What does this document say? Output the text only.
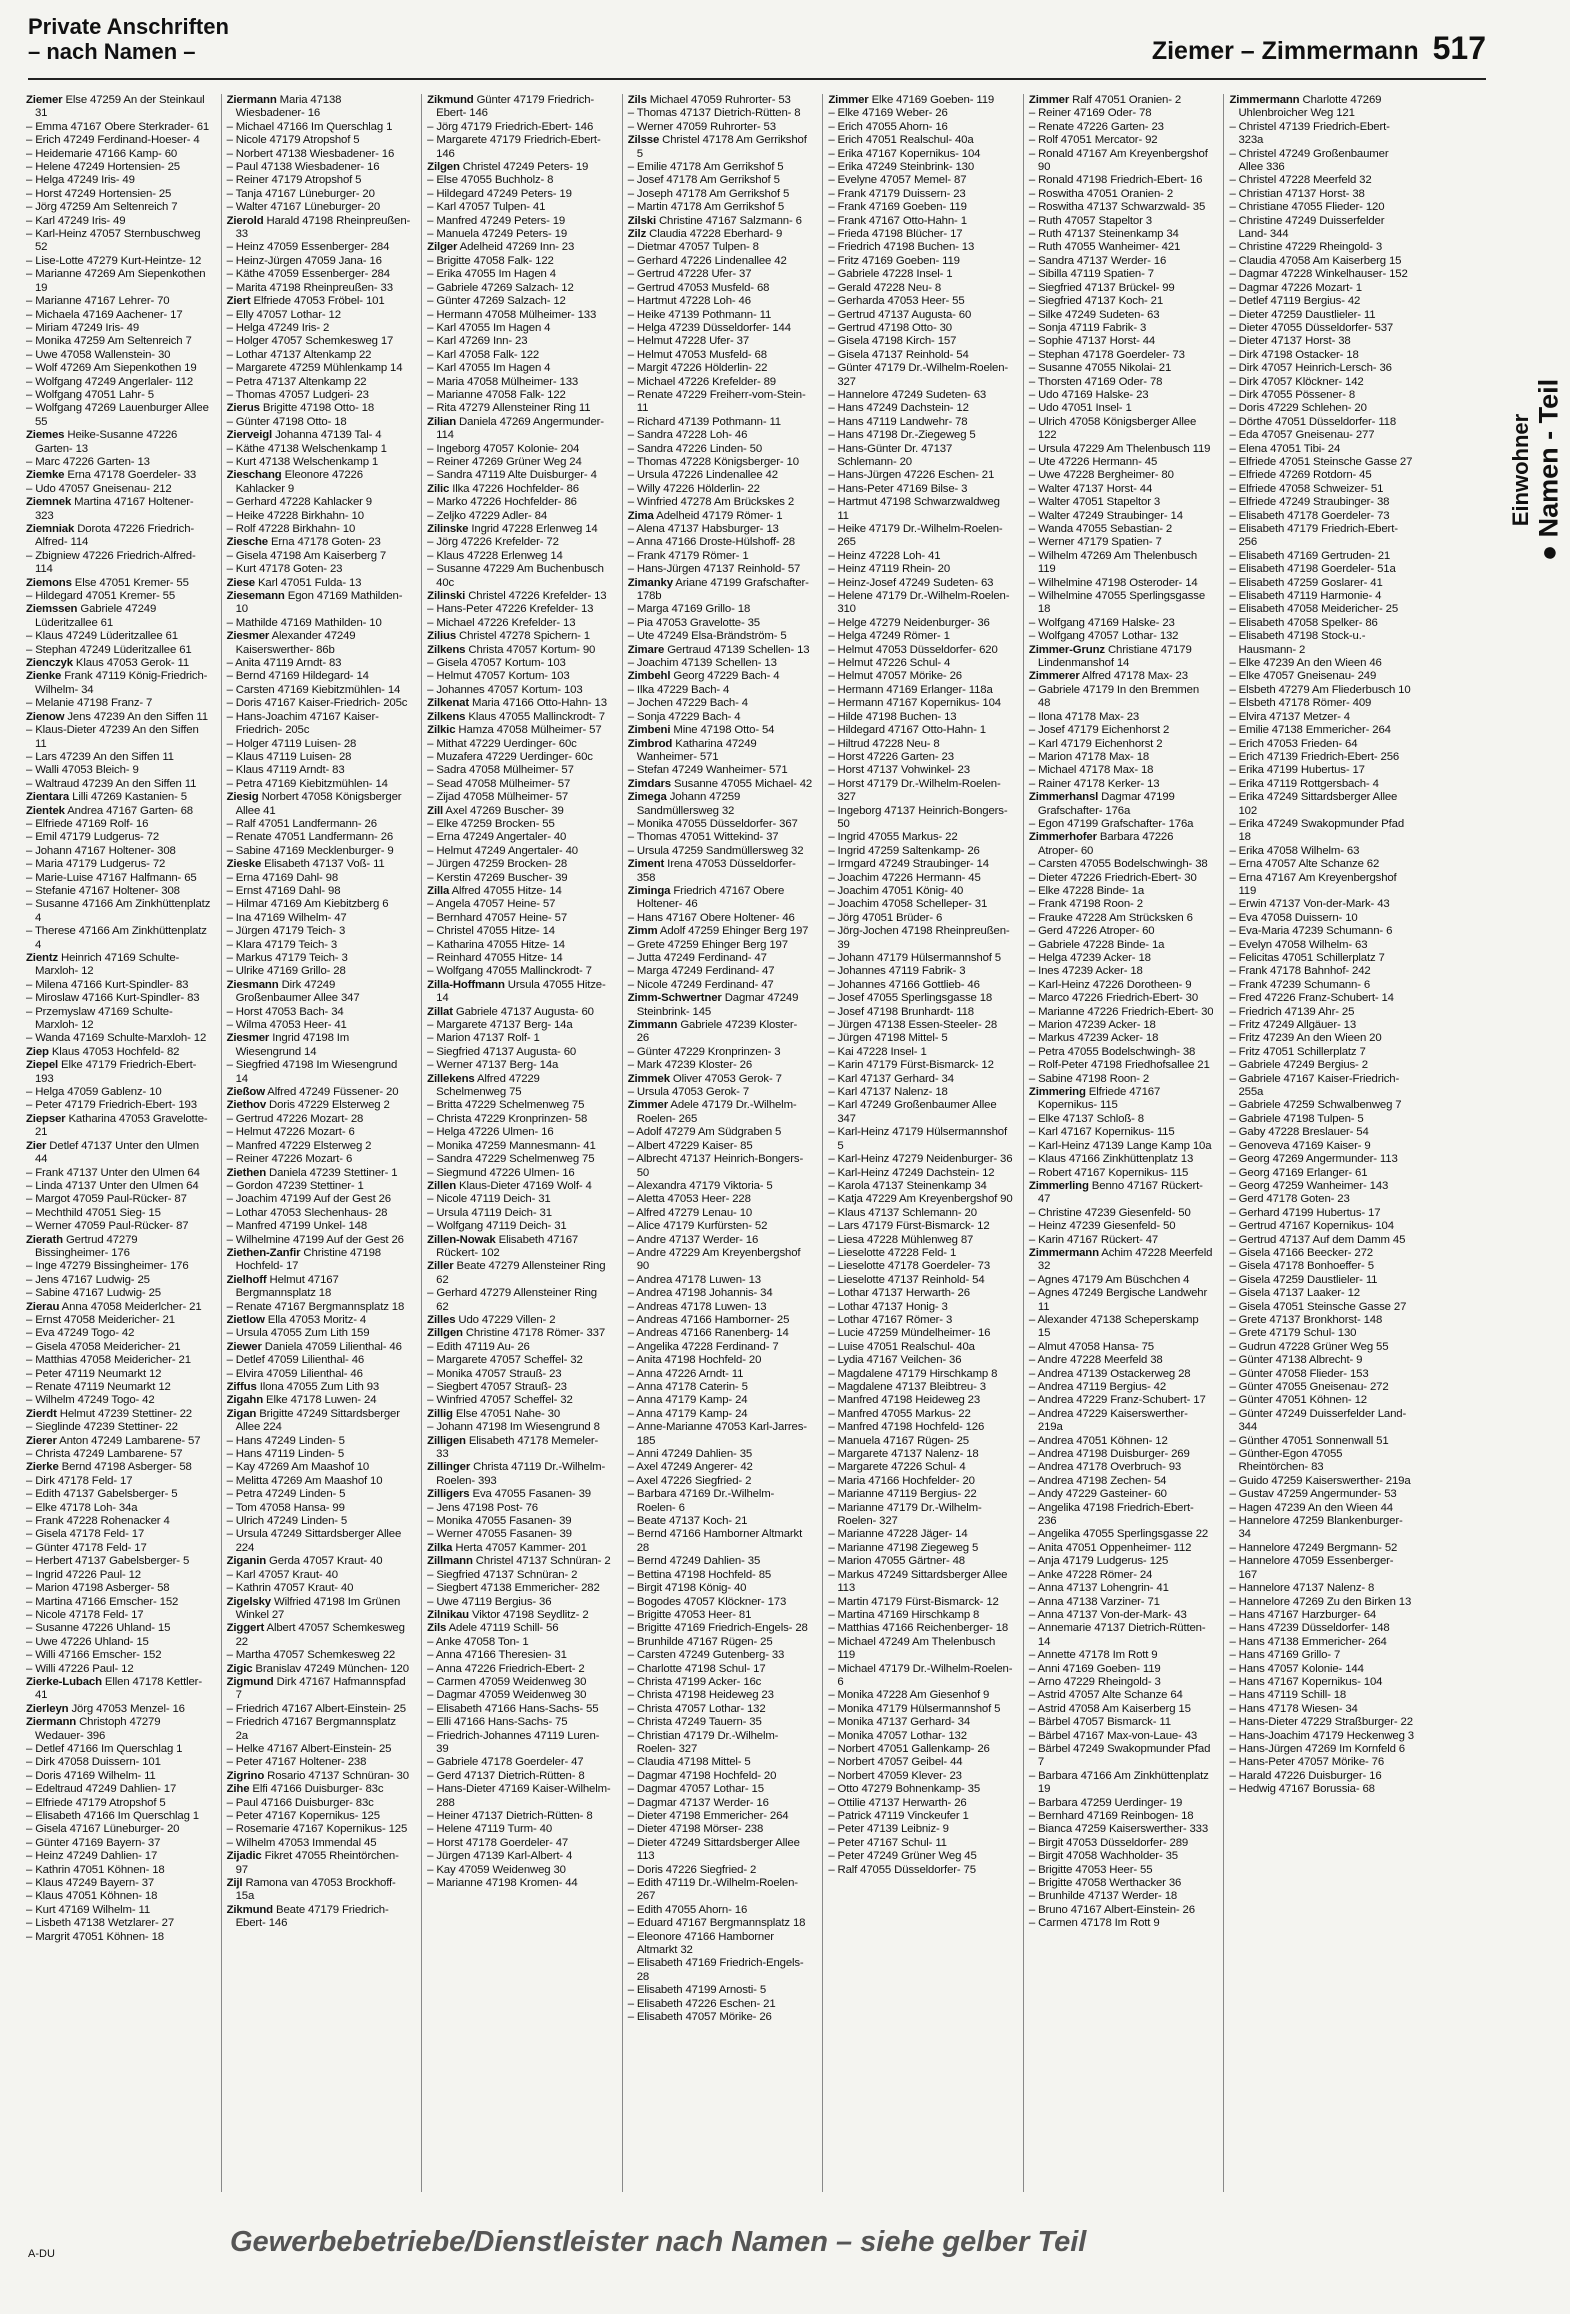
Private Anschriften
– nach Namen –	Ziemer – Zimmermann 517
Einwohner ● Namen - Teil
Ziemer Else 47259 An der Steinkaul 31
– Emma 47167 Obere Sterkrader- 61
– Erich 47249 Ferdinand-Hoeser- 4
– Heidemarie 47166 Kamp- 60
– Helene 47249 Hortensien- 25
– Helga 47249 Iris- 49
– Horst 47249 Hortensien- 25
– Jörg 47259 Am Seltenreich 7
– Karl 47249 Iris- 49
– Karl-Heinz 47057 Sternbuschweg 52
– Lise-Lotte 47279 Kurt-Heintze- 12
– Marianne 47269 Am Siepenkothen 19
– Marianne 47167 Lehrer- 70
– Michaela 47169 Aachener- 17
– Miriam 47249 Iris- 49
– Monika 47259 Am Seltenreich 7
– Uwe 47058 Wallenstein- 30
– Wolf 47269 Am Siepenkothen 19
– Wolfgang 47249 Angerlaler- 112
– Wolfgang 47051 Lahr- 5
– Wolfgang 47269 Lauenburger Allee 55
Ziemes Heike-Susanne 47226 Garten- 13
– Marc 47226 Garten- 13
Ziemke Erna 47178 Goerdeler- 33
– Udo 47057 Gneisenau- 212
Ziemnek Martina 47167 Holtener- 323
Ziemniak Dorota 47226 Friedrich-Alfred- 114
– Zbigniew 47226 Friedrich-Alfred- 114
Ziemons Else 47051 Kremer- 55
– Hildegard 47051 Kremer- 55
Ziemssen Gabriele 47249 Lüderitzallee 61
– Klaus 47249 Lüderitzallee 61
– Stephan 47249 Lüderitzallee 61
Zienczyk Klaus 47053 Gerok- 11
Zienke Frank 47119 König-Friedrich-Wilhelm- 34
– Melanie 47198 Franz- 7
Zienow Jens 47239 An den Siffen 11
– Klaus-Dieter 47239 An den Siffen 11
– Lars 47239 An den Siffen 11
– Walli 47053 Bleich- 9
– Waltraud 47239 An den Siffen 11
Zientara Lilli 47269 Kastanien- 5
Zientek Andrea 47167 Garten- 68
– Elfriede 47169 Rolf- 16
– Emil 47179 Ludgerus- 72
– Johann 47167 Holtener- 308
– Maria 47179 Ludgerus- 72
– Marie-Luise 47167 Halfmann- 65
– Stefanie 47167 Holtener- 308
– Susanne 47166 Am Zinkhüttenplatz 4
– Therese 47166 Am Zinkhüttenplatz 4
Zientz Heinrich 47169 Schulte-Marxloh- 12
– Milena 47166 Kurt-Spindler- 83
– Miroslaw 47166 Kurt-Spindler- 83
– Przemyslaw 47169 Schulte-Marxloh- 12
– Wanda 47169 Schulte-Marxloh- 12
Ziep Klaus 47053 Hochfeld- 82
Ziepel Elke 47179 Friedrich-Ebert- 193
– Helga 47059 Gablenz- 10
– Peter 47179 Friedrich-Ebert- 193
Ziepser Katharina 47053 Gravelotte- 21
Zier Detlef 47137 Unter den Ulmen 44
– Frank 47137 Unter den Ulmen 64
– Linda 47137 Unter den Ulmen 64
– Margot 47059 Paul-Rücker- 87
– Mechthild 47051 Sieg- 15
– Werner 47059 Paul-Rücker- 87
Zierath Gertrud 47279 Bissingheimer- 176
– Inge 47279 Bissingheimer- 176
– Jens 47167 Ludwig- 25
– Sabine 47167 Ludwig- 25
Zierau Anna 47058 Meiderlcher- 21
– Ernst 47058 Meidericher- 21
– Eva 47249 Togo- 42
– Gisela 47058 Meidericher- 21
– Matthias 47058 Meidericher- 21
– Peter 47119 Neumarkt 12
– Renate 47119 Neumarkt 12
– Wilhelm 47249 Togo- 42
Zierdt Helmut 47239 Stettiner- 22
– Sieglinde 47239 Stettiner- 22
Zierer Anton 47249 Lambarene- 57
– Christa 47249 Lambarene- 57
Zierke Bernd 47198 Asberger- 58
– Dirk 47178 Feld- 17
– Edith 47137 Gabelsberger- 5
– Elke 47178 Loh- 34a
– Frank 47228 Rohenacker 4
– Gisela 47178 Feld- 17
– Günter 47178 Feld- 17
– Herbert 47137 Gabelsberger- 5
– Ingrid 47226 Paul- 12
– Marion 47198 Asberger- 58
– Martina 47166 Emscher- 152
– Nicole 47178 Feld- 17
– Susanne 47226 Uhland- 15
– Uwe 47226 Uhland- 15
– Willi 47166 Emscher- 152
– Willi 47226 Paul- 12
Zierke-Lubach Ellen 47178 Kettler- 41
Zierleyn Jörg 47053 Menzel- 16
Ziermann Christoph 47279 Wedauer- 396
– Detlef 47166 Im Querschlag 1
– Dirk 47058 Duissern- 101
– Doris 47169 Wilhelm- 11
– Edeltraud 47249 Dahlien- 17
– Elfriede 47179 Atropshof 5
– Elisabeth 47166 Im Querschlag 1
– Gisela 47167 Lüneburger- 20
– Günter 47169 Bayern- 37
– Heinz 47249 Dahlien- 17
– Kathrin 47051 Köhnen- 18
– Klaus 47249 Bayern- 37
– Klaus 47051 Köhnen- 18
– Kurt 47169 Wilhelm- 11
– Lisbeth 47138 Wetzlarer- 27
– Margrit 47051 Köhnen- 18
Ziermann Maria 47138 Wiesbadener- 16
– Michael 47166 Im Querschlag 1
– Nicole 47179 Atropshof 5
– Norbert 47138 Wiesbadener- 16
– Paul 47138 Wiesbadener- 16
– Reiner 47179 Atropshof 5
– Tanja 47167 Lüneburger- 20
– Walter 47167 Lüneburger- 20
Zierold Harald 47198 Rheinpreußen- 33
– Heinz 47059 Essenberger- 284
– Heinz-Jürgen 47059 Jana- 16
– Käthe 47059 Essenberger- 284
– Marita 47198 Rheinpreußen- 33
Ziert Elfriede 47053 Fröbel- 101
– Elly 47057 Lothar- 12
– Helga 47249 Iris- 2
– Holger 47057 Schemkesweg 17
– Lothar 47137 Altenkamp 22
– Margarete 47259 Mühlenkamp 14
– Petra 47137 Altenkamp 22
– Thomas 47057 Ludgeri- 23
Zierus Brigitte 47198 Otto- 18
– Günter 47198 Otto- 18
Zierveigl Johanna 47139 Tal- 4
– Käthe 47138 Welschenkamp 1
– Kurt 47138 Welschenkamp 1
Zieschang Eleonore 47226 Kahlacker 9
– Gerhard 47228 Kahlacker 9
– Heike 47228 Birkhahn- 10
– Rolf 47228 Birkhahn- 10
Ziesche Erna 47178 Goten- 23
– Gisela 47198 Am Kaiserberg 7
– Kurt 47178 Goten- 23
Ziese Karl 47051 Fulda- 13
Ziesemann Egon 47169 Mathilden- 10
– Mathilde 47169 Mathilden- 10
Ziesmer Alexander 47249 Kaiserswerther- 86b
– Anita 47119 Arndt- 83
– Bernd 47169 Hildegard- 14
– Carsten 47169 Kiebitzmühlen- 14
– Doris 47167 Kaiser-Friedrich- 205c
– Hans-Joachim 47167 Kaiser-Friedrich- 205c
– Holger 47119 Luisen- 28
– Klaus 47119 Luisen- 28
– Klaus 47119 Arndt- 83
– Petra 47169 Kiebitzmühlen- 14
Ziesig Norbert 47058 Königsberger Allee 41
– Ralf 47051 Landfermann- 26
– Renate 47051 Landfermann- 26
– Sabine 47169 Mecklenburger- 9
Zieske Elisabeth 47137 Voß- 11
– Erna 47169 Dahl- 98
– Ernst 47169 Dahl- 98
– Hilmar 47169 Am Kiebitzberg 6
– Ina 47169 Wilhelm- 47
– Jürgen 47179 Teich- 3
– Klara 47179 Teich- 3
– Markus 47179 Teich- 3
– Ulrike 47169 Grillo- 28
Ziesmann Dirk 47249 Großenbaumer Allee 347
– Horst 47053 Bach- 34
– Wilma 47053 Heer- 41
Ziesmer Ingrid 47198 Im Wiesengrund 14
– Siegfried 47198 Im Wiesengrund 14
Zießow Alfred 47249 Füssener- 20
Ziethov Doris 47229 Elsterweg 2
– Gertrud 47226 Mozart- 28
– Helmut 47226 Mozart- 6
– Manfred 47229 Elsterweg 2
– Reiner 47226 Mozart- 6
Ziethen Daniela 47239 Stettiner- 1
– Gordon 47239 Stettiner- 1
– Joachim 47199 Auf der Gest 26
– Lothar 47053 Slechenhaus- 28
– Manfred 47199 Unkel- 148
– Wilhelmine 47199 Auf der Gest 26
Ziethen-Zanfir Christine 47198 Hochfeld- 17
Zielhoff Helmut 47167 Bergmannsplatz 18
– Renate 47167 Bergmannsplatz 18
Zietlow Ella 47053 Moritz- 4
– Ursula 47055 Zum Lith 159
Ziewer Daniela 47059 Lilienthal- 46
– Detlef 47059 Lilienthal- 46
– Elvira 47059 Lilienthal- 46
Ziffus Ilona 47055 Zum Lith 93
Zigahn Elke 47178 Luwen- 24
Zigan Brigitte 47249 Sittardsberger Allee 224
– Hans 47249 Linden- 5
– Hans 47119 Linden- 5
– Kay 47269 Am Maashof 10
– Melitta 47269 Am Maashof 10
– Petra 47249 Linden- 5
– Tom 47058 Hansa- 99
– Ulrich 47249 Linden- 5
– Ursula 47249 Sittardsberger Allee 224
Ziganin Gerda 47057 Kraut- 40
– Karl 47057 Kraut- 40
– Kathrin 47057 Kraut- 40
Zigelsky Wilfried 47198 Im Grünen Winkel 27
Ziggert Albert 47057 Schemkesweg 22
– Martha 47057 Schemkesweg 22
Zigic Branislav 47249 München- 120
Zigmund Dirk 47167 Hafmannspfad 7
– Friedrich 47167 Albert-Einstein- 25
– Friedrich 47167 Bergmannsplatz 2a
– Helke 47167 Albert-Einstein- 25
– Peter 47167 Holtener- 238
Zigrino Rosario 47137 Schnüran- 30
Zihe Elfi 47166 Duisburger- 83c
– Paul 47166 Duisburger- 83c
– Peter 47167 Kopernikus- 125
– Rosemarie 47167 Kopernikus- 125
– Wilhelm 47053 Immendal 45
Zijadic Fikret 47055 Rheintörchen- 97
Zijl Ramona van 47053 Brockhoff- 15a
Zikmund Beate 47179 Friedrich-Ebert- 146
Zikmund Günter 47179 Friedrich-Ebert- 146
– Jörg 47179 Friedrich-Ebert- 146
– Margarete 47179 Friedrich-Ebert- 146
Zilgen Christel 47249 Peters- 19
– Else 47055 Buchholz- 8
– Hildegard 47249 Peters- 19
– Karl 47057 Tulpen- 41
– Manfred 47249 Peters- 19
– Manuela 47249 Peters- 19
Zilger Adelheid 47269 Inn- 23
– Brigitte 47058 Falk- 122
– Erika 47055 Im Hagen 4
– Gabriele 47269 Salzach- 12
– Günter 47269 Salzach- 12
– Hermann 47058 Mülheimer- 133
– Karl 47055 Im Hagen 4
– Karl 47269 Inn- 23
– Karl 47058 Falk- 122
– Karl 47055 Im Hagen 4
– Maria 47058 Mülheimer- 133
– Marianne 47058 Falk- 122
– Rita 47279 Allensteiner Ring 11
Zilian Daniela 47269 Angermunder- 114
– Ingeborg 47057 Kolonie- 204
– Reiner 47269 Grüner Weg 24
– Sandra 47119 Alte Duisburger- 4
Zilic Ilka 47226 Hochfelder- 86
– Marko 47226 Hochfelder- 86
– Zeljko 47229 Adler- 84
Zilinske Ingrid 47228 Erlenweg 14
– Jörg 47226 Krefelder- 72
– Klaus 47228 Erlenweg 14
– Susanne 47229 Am Buchenbusch 40c
Zilinski Christel 47226 Krefelder- 13
– Hans-Peter 47226 Krefelder- 13
– Michael 47226 Krefelder- 13
Zilius Christel 47278 Spichern- 1
Zilkens Christa 47057 Kortum- 90
– Gisela 47057 Kortum- 103
– Helmut 47057 Kortum- 103
– Johannes 47057 Kortum- 103
Zilkenat Maria 47166 Otto-Hahn- 13
Zilkens Klaus 47055 Mallinckrodt- 7
Zilkic Hamza 47058 Mülheimer- 57
– Mithat 47229 Uerdinger- 60c
– Muzafera 47229 Uerdinger- 60c
– Sadra 47058 Mülheimer- 57
– Sead 47058 Mülheimer- 57
– Zijad 47058 Mülheimer- 57
Zill Axel 47269 Buscher- 39
– Elke 47259 Brocken- 55
– Erna 47249 Angertaler- 40
– Helmut 47249 Angertaler- 40
– Jürgen 47259 Brocken- 28
– Kerstin 47269 Buscher- 39
Zilla Alfred 47055 Hitze- 14
– Angela 47057 Heine- 57
– Bernhard 47057 Heine- 57
– Christel 47055 Hitze- 14
– Katharina 47055 Hitze- 14
– Reinhard 47055 Hitze- 14
– Wolfgang 47055 Mallinckrodt- 7
Zilla-Hoffmann Ursula 47055 Hitze- 14
Zillat Gabriele 47137 Augusta- 60
– Margarete 47137 Berg- 14a
– Marion 47137 Rolf- 1
– Siegfried 47137 Augusta- 60
– Werner 47137 Berg- 14a
Zillekens Alfred 47229 Schelmenweg 75
– Britta 47229 Schelmenweg 75
– Christa 47229 Kronprinzen- 58
– Helga 47226 Ulmen- 16
– Monika 47259 Mannesmann- 41
– Sandra 47229 Schelmenweg 75
– Siegmund 47226 Ulmen- 16
Zillen Klaus-Dieter 47169 Wolf- 4
– Nicole 47119 Deich- 31
– Ursula 47119 Deich- 31
– Wolfgang 47119 Deich- 31
Zillen-Nowak Elisabeth 47167 Rückert- 102
Ziller Beate 47279 Allensteiner Ring 62
– Gerhard 47279 Allensteiner Ring 62
Zilles Udo 47229 Villen- 2
Zillgen Christine 47178 Römer- 337
– Edith 47119 Au- 26
– Margarete 47057 Scheffel- 32
– Monika 47057 Strauß- 23
– Siegbert 47057 Strauß- 23
– Winfried 47057 Scheffel- 32
Zillig Else 47051 Nahe- 30
– Johann 47198 Im Wiesengrund 8
Zilligen Elisabeth 47178 Memeler- 33
Zillinger Christa 47119 Dr.-Wilhelm-Roelen- 393
Zilligers Eva 47055 Fasanen- 39
– Jens 47198 Post- 76
– Monika 47055 Fasanen- 39
– Werner 47055 Fasanen- 39
Zilka Herta 47057 Kammer- 201
Zillmann Christel 47137 Schnüran- 2
– Siegfried 47137 Schnüran- 2
– Siegbert 47138 Emmericher- 282
– Uwe 47119 Bergius- 36
Zilnikau Viktor 47198 Seydlitz- 2
Zils Adele 47119 Schill- 56
– Anke 47058 Ton- 1
– Anna 47166 Theresien- 31
– Anna 47226 Friedrich-Ebert- 2
– Carmen 47059 Weidenweg 30
– Dagmar 47059 Weidenweg 30
– Elisabeth 47166 Hans-Sachs- 55
– Elli 47166 Hans-Sachs- 75
– Friedrich-Johannes 47119 Luren- 39
– Gabriele 47178 Goerdeler- 47
– Gerd 47137 Dietrich-Rütten- 8
– Hans-Dieter 47169 Kaiser-Wilhelm- 288
– Heiner 47137 Dietrich-Rütten- 8
– Helene 47119 Turm- 40
– Horst 47178 Goerdeler- 47
– Jürgen 47139 Karl-Albert- 4
– Kay 47059 Weidenweg 30
– Marianne 47198 Kromen- 44
Zils Michael 47059 Ruhrorter- 53
– Thomas 47137 Dietrich-Rütten- 8
– Werner 47059 Ruhrorter- 53
Zilsse Christel 47178 Am Gerrikshof 5
– Emilie 47178 Am Gerrikshof 5
– Josef 47178 Am Gerrikshof 5
– Joseph 47178 Am Gerrikshof 5
– Martin 47178 Am Gerrikshof 5
Zilski Christine 47167 Salzmann- 6
Zilz Claudia 47228 Eberhard- 9
– Dietmar 47057 Tulpen- 8
– Gerhard 47226 Lindenallee 42
– Gertrud 47228 Ufer- 37
– Gertrud 47053 Musfeld- 68
– Hartmut 47228 Loh- 46
– Heike 47139 Pothmann- 11
– Helga 47239 Düsseldorfer- 144
– Helmut 47228 Ufer- 37
– Helmut 47053 Musfeld- 68
– Margit 47226 Hölderlin- 22
– Michael 47226 Krefelder- 89
– Renate 47229 Freiherr-vom-Stein- 11
– Richard 47139 Pothmann- 11
– Sandra 47228 Loh- 46
– Sandra 47226 Linden- 50
– Thomas 47228 Königsberger- 10
– Ursula 47226 Lindenallee 42
– Willy 47226 Hölderlin- 22
– Winfried 47278 Am Brückskes 2
Zima Adelheid 47179 Römer- 1
– Alena 47137 Habsburger- 13
– Anna 47166 Droste-Hülshoff- 28
– Frank 47179 Römer- 1
– Hans-Jürgen 47137 Reinhold- 57
Zimanky Ariane 47199 Grafschafter- 178b
– Marga 47169 Grillo- 18
– Pia 47053 Gravelotte- 35
– Ute 47249 Elsa-Brändström- 5
Zimare Gertraud 47139 Schellen- 13
– Joachim 47139 Schellen- 13
Zimbehl Georg 47229 Bach- 4
– Ilka 47229 Bach- 4
– Jochen 47229 Bach- 4
– Sonja 47229 Bach- 4
Zimbeni Mine 47198 Otto- 54
Zimbrod Katharina 47249 Wanheimer- 571
– Stefan 47249 Wanheimer- 571
Zimdars Susanne 47055 Michael- 42
Zimega Johann 47259 Sandmüllersweg 32
– Monika 47055 Düsseldorfer- 367
– Thomas 47051 Wittekind- 37
– Ursula 47259 Sandmüllersweg 32
Ziment Irena 47053 Düsseldorfer- 358
Ziminga Friedrich 47167 Obere Holtener- 46
– Hans 47167 Obere Holtener- 46
Zimm Adolf 47259 Ehinger Berg 197
– Grete 47259 Ehinger Berg 197
– Jutta 47249 Ferdinand- 47
– Marga 47249 Ferdinand- 47
– Nicole 47249 Ferdinand- 47
Zimm-Schwertner Dagmar 47249 Steinbrink- 145
Zimmann Gabriele 47239 Kloster- 26
– Günter 47229 Kronprinzen- 3
– Mark 47239 Kloster- 26
Zimmek Oliver 47053 Gerok- 7
– Ursula 47053 Gerok- 7
Zimmer Adele 47179 Dr.-Wilhelm-Roelen- 265
– Adolf 47279 Am Südgraben 5
– Albert 47229 Kaiser- 85
– Albrecht 47137 Heinrich-Bongers- 50
– Alexandra 47179 Viktoria- 5
– Aletta 47053 Heer- 228
– Alfred 47279 Lenau- 10
– Alice 47179 Kurfürsten- 52
– Andre 47137 Werder- 16
– Andre 47229 Am Kreyenbergshof 90
– Andrea 47178 Luwen- 13
– Andrea 47198 Johannis- 34
– Andreas 47178 Luwen- 13
– Andreas 47166 Hamborner- 25
– Andreas 47166 Ranenberg- 14
– Angelika 47228 Ferdinand- 7
– Anita 47198 Hochfeld- 20
– Anna 47226 Arndt- 11
– Anna 47178 Caterin- 5
– Anna 47179 Kamp- 24
– Anna 47179 Kamp- 24
– Anne-Marianne 47053 Karl-Jarres- 185
– Anni 47249 Dahlien- 35
– Axel 47249 Angerer- 42
– Axel 47226 Siegfried- 2
– Barbara 47169 Dr.-Wilhelm-Roelen- 6
– Beate 47137 Koch- 21
– Bernd 47166 Hamborner Altmarkt 28
– Bernd 47249 Dahlien- 35
– Bettina 47198 Hochfeld- 85
– Birgit 47198 König- 40
– Bogodes 47057 Klöckner- 173
– Brigitte 47053 Heer- 81
– Brigitte 47169 Friedrich-Engels- 28
– Brunhilde 47167 Rügen- 25
– Carsten 47249 Gutenberg- 33
– Charlotte 47198 Schul- 17
– Christa 47199 Acker- 16c
– Christa 47198 Heideweg 23
– Christa 47057 Lothar- 132
– Christa 47249 Tauern- 35
– Christian 47179 Dr.-Wilhelm-Roelen- 327
– Claudia 47198 Mittel- 5
– Dagmar 47198 Hochfeld- 20
– Dagmar 47057 Lothar- 15
– Dagmar 47137 Werder- 16
– Dieter 47198 Emmericher- 264
– Dieter 47198 Mörser- 238
– Dieter 47249 Sittardsberger Allee 113
– Doris 47226 Siegfried- 2
– Edith 47119 Dr.-Wilhelm-Roelen- 267
– Edith 47055 Ahorn- 16
– Eduard 47167 Bergmannsplatz 18
– Eleonore 47166 Hamborner Altmarkt 32
– Elisabeth 47169 Friedrich-Engels- 28
– Elisabeth 47199 Arnosti- 5
– Elisabeth 47226 Eschen- 21
– Elisabeth 47057 Mörike- 26
Zimmer Elke 47169 Goeben- 119
– Elke 47169 Weber- 26
– Erich 47055 Ahorn- 16
– Erich 47051 Realschul- 40a
– Erika 47167 Kopernikus- 104
– Erika 47249 Steinbrink- 130
– Evelyne 47057 Memel- 87
– Frank 47179 Duissern- 23
– Frank 47169 Goeben- 119
– Frank 47167 Otto-Hahn- 1
– Frieda 47198 Blücher- 17
– Friedrich 47198 Buchen- 13
– Fritz 47169 Goeben- 119
– Gabriele 47228 Insel- 1
– Gerald 47228 Neu- 8
– Gerharda 47053 Heer- 55
– Gertrud 47137 Augusta- 60
– Gertrud 47198 Otto- 30
– Gisela 47198 Kirch- 157
– Gisela 47137 Reinhold- 54
– Günter 47179 Dr.-Wilhelm-Roelen- 327
– Hannelore 47249 Sudeten- 63
– Hans 47249 Dachstein- 12
– Hans 47119 Landwehr- 78
– Hans 47198 Dr.-Ziegeweg 5
– Hans-Günter Dr. 47137 Schlemann- 20
– Hans-Jürgen 47226 Eschen- 21
– Hans-Peter 47169 Bilse- 3
– Hartmut 47198 Schwarzwaldweg 11
– Heike 47179 Dr.-Wilhelm-Roelen- 265
– Heinz 47228 Loh- 41
– Heinz 47119 Rhein- 20
– Heinz-Josef 47249 Sudeten- 63
– Helene 47179 Dr.-Wilhelm-Roelen- 310
– Helge 47279 Neidenburger- 36
– Helga 47249 Römer- 1
– Helmut 47053 Düsseldorfer- 620
– Helmut 47226 Schul- 4
– Helmut 47057 Mörike- 26
– Hermann 47169 Erlanger- 118a
– Hermann 47167 Kopernikus- 104
– Hilde 47198 Buchen- 13
– Hildegard 47167 Otto-Hahn- 1
– Hiltrud 47228 Neu- 8
– Horst 47226 Garten- 23
– Horst 47137 Vohwinkel- 23
– Horst 47179 Dr.-Wilhelm-Roelen- 327
– Ingeborg 47137 Heinrich-Bongers- 50
– Ingrid 47055 Markus- 22
– Ingrid 47259 Saltenkamp- 26
– Irmgard 47249 Straubinger- 14
– Joachim 47226 Hermann- 45
– Joachim 47051 König- 40
– Joachim 47058 Schelleper- 31
– Jörg 47051 Brüder- 6
– Jörg-Jochen 47198 Rheinpreußen- 39
– Johann 47179 Hülsermannshof 5
– Johannes 47119 Fabrik- 3
– Johannes 47166 Gottlieb- 46
– Josef 47055 Sperlingsgasse 18
– Josef 47198 Brunhardt- 118
– Jürgen 47138 Essen-Steeler- 28
– Jürgen 47198 Mittel- 5
– Kai 47228 Insel- 1
– Karin 47179 Fürst-Bismarck- 12
– Karl 47137 Gerhard- 34
– Karl 47137 Nalenz- 18
– Karl 47249 Großenbaumer Allee 347
– Karl-Heinz 47179 Hülsermannshof 5
– Karl-Heinz 47279 Neidenburger- 36
– Karl-Heinz 47249 Dachstein- 12
– Karola 47137 Steinenkamp 34
– Katja 47229 Am Kreyenbergshof 90
– Klaus 47137 Schlemann- 20
– Lars 47179 Fürst-Bismarck- 12
– Liesa 47228 Mühlenweg 87
– Lieselotte 47228 Feld- 1
– Lieselotte 47178 Goerdeler- 73
– Lieselotte 47137 Reinhold- 54
– Lothar 47137 Herwarth- 26
– Lothar 47137 Honig- 3
– Lothar 47167 Römer- 3
– Lucie 47259 Mündelheimer- 16
– Luise 47051 Realschul- 40a
– Lydia 47167 Veilchen- 36
– Magdalene 47179 Hirschkamp 8
– Magdalene 47137 Bleibtreu- 3
– Manfred 47198 Heideweg 23
– Manfred 47055 Markus- 22
– Manfred 47198 Hochfeld- 126
– Manuela 47167 Rügen- 25
– Margarete 47137 Nalenz- 18
– Margarete 47226 Schul- 4
– Maria 47166 Hochfelder- 20
– Marianne 47119 Bergius- 22
– Marianne 47179 Dr.-Wilhelm-Roelen- 327
– Marianne 47228 Jäger- 14
– Marianne 47198 Ziegeweg 5
– Marion 47055 Gärtner- 48
– Markus 47249 Sittardsberger Allee 113
– Martin 47179 Fürst-Bismarck- 12
– Martina 47169 Hirschkamp 8
– Matthias 47166 Reichenberger- 18
– Michael 47249 Am Thelenbusch 119
– Michael 47179 Dr.-Wilhelm-Roelen- 6
– Monika 47228 Am Giesenhof 9
– Monika 47179 Hülsermannshof 5
– Monika 47137 Gerhard- 34
– Monika 47057 Lothar- 132
– Norbert 47051 Gallenkamp- 26
– Norbert 47057 Geibel- 44
– Norbert 47059 Klever- 23
– Otto 47279 Bohnenkamp- 35
– Ottilie 47137 Herwarth- 26
– Patrick 47119 Vinckeufer 1
– Peter 47139 Leibniz- 9
– Peter 47167 Schul- 11
– Peter 47249 Grüner Weg 45
– Ralf 47055 Düsseldorfer- 75
Zimmer Ralf 47051 Oranien- 2
– Reiner 47169 Oder- 78
– Renate 47226 Garten- 23
– Rolf 47051 Mercator- 92
– Ronald 47167 Am Kreyenbergshof 90
– Ronald 47198 Friedrich-Ebert- 16
– Roswitha 47051 Oranien- 2
– Roswitha 47137 Schwarzwald- 35
– Ruth 47057 Stapeltor 3
– Ruth 47137 Steinenkamp 34
– Ruth 47055 Wanheimer- 421
– Sandra 47137 Werder- 16
– Sibilla 47119 Spatien- 7
– Siegfried 47137 Brückel- 99
– Siegfried 47137 Koch- 21
– Silke 47249 Sudeten- 63
– Sonja 47119 Fabrik- 3
– Sophie 47137 Horst- 44
– Stephan 47178 Goerdeler- 73
– Susanne 47055 Nikolai- 21
– Thorsten 47169 Oder- 78
– Udo 47169 Halske- 23
– Udo 47051 Insel- 1
– Ulrich 47058 Königsberger Allee 122
– Ursula 47229 Am Thelenbusch 119
– Ute 47226 Hermann- 45
– Uwe 47228 Bergheimer- 80
– Walter 47137 Horst- 44
– Walter 47051 Stapeltor 3
– Walter 47249 Straubinger- 14
– Wanda 47055 Sebastian- 2
– Werner 47179 Spatien- 7
– Wilhelm 47269 Am Thelenbusch 119
– Wilhelmine 47198 Osteroder- 14
– Wilhelmine 47055 Sperlingsgasse 18
– Wolfgang 47169 Halske- 23
– Wolfgang 47057 Lothar- 132
Zimmer-Grunz Christiane 47179 Lindenmanshof 14
Zimmerer Alfred 47178 Max- 23
– Gabriele 47179 In den Bremmen 48
– Ilona 47178 Max- 23
– Josef 47179 Eichenhorst 2
– Karl 47179 Eichenhorst 2
– Marion 47178 Max- 18
– Michael 47178 Max- 18
– Rainer 47178 Kerker- 13
Zimmerhansl Dagmar 47199 Grafschafter- 176a
– Egon 47199 Grafschafter- 176a
Zimmerhofer Barbara 47226 Atroper- 60
– Carsten 47055 Bodelschwingh- 38
– Dieter 47226 Friedrich-Ebert- 30
– Elke 47228 Binde- 1a
– Frank 47198 Roon- 2
– Frauke 47228 Am Strücksken 6
– Gerd 47226 Atroper- 60
– Gabriele 47228 Binde- 1a
– Helga 47239 Acker- 18
– Ines 47239 Acker- 18
– Karl-Heinz 47226 Dorotheen- 9
– Marco 47226 Friedrich-Ebert- 30
– Marianne 47226 Friedrich-Ebert- 30
– Marion 47239 Acker- 18
– Markus 47239 Acker- 18
– Petra 47055 Bodelschwingh- 38
– Rolf-Peter 47198 Friedhofsallee 21
– Sabine 47198 Roon- 2
Zimmering Elfriede 47167 Kopernikus- 115
– Elke 47137 Schloß- 8
– Karl 47167 Kopernikus- 115
– Karl-Heinz 47139 Lange Kamp 10a
– Klaus 47166 Zinkhüttenplatz 13
– Robert 47167 Kopernikus- 115
Zimmerling Benno 47167 Rückert- 47
– Christine 47239 Giesenfeld- 50
– Heinz 47239 Giesenfeld- 50
– Karin 47167 Rückert- 47
Zimmermann Achim 47228 Meerfeld 32
– Agnes 47179 Am Büschchen 4
– Agnes 47249 Bergische Landwehr 11
– Alexander 47138 Scheperskamp 15
– Almut 47058 Hansa- 75
– Andre 47228 Meerfeld 38
– Andrea 47139 Ostackerweg 28
– Andrea 47119 Bergius- 42
– Andrea 47229 Franz-Schubert- 17
– Andrea 47229 Kaiserswerther- 219a
– Andrea 47051 Köhnen- 12
– Andrea 47198 Duisburger- 269
– Andrea 47178 Overbruch- 93
– Andrea 47198 Zechen- 54
– Andy 47229 Gasteiner- 60
– Angelika 47198 Friedrich-Ebert- 236
– Angelika 47055 Sperlingsgasse 22
– Anita 47051 Oppenheimer- 112
– Anja 47179 Ludgerus- 125
– Anke 47228 Römer- 24
– Anna 47137 Lohengrin- 41
– Anna 47138 Varziner- 71
– Anna 47137 Von-der-Mark- 43
– Annemarie 47137 Dietrich-Rütten- 14
– Annette 47178 Im Rott 9
– Anni 47169 Goeben- 119
– Arno 47229 Rheingold- 3
– Astrid 47057 Alte Schanze 64
– Astrid 47058 Am Kaiserberg 15
– Bärbel 47057 Bismarck- 11
– Bärbel 47167 Max-von-Laue- 43
– Bärbel 47249 Swakopmunder Pfad 7
– Barbara 47166 Am Zinkhüttenplatz 19
– Barbara 47259 Uerdinger- 19
– Bernhard 47169 Reinbogen- 18
– Bianca 47259 Kaiserswerther- 333
– Birgit 47053 Düsseldorfer- 289
– Birgit 47058 Wachholder- 35
– Brigitte 47053 Heer- 55
– Brigitte 47058 Werthacker 36
– Brunhilde 47137 Werder- 18
– Bruno 47167 Albert-Einstein- 26
– Carmen 47178 Im Rott 9
Zimmermann Charlotte 47269 Uhlenbroicher Weg 121
– Christel 47139 Friedrich-Ebert- 323a
– Christel 47249 Großenbaumer Allee 336
– Christel 47228 Meerfeld 32
– Christian 47137 Horst- 38
– Christiane 47055 Flieder- 120
– Christine 47249 Duisserfelder Land- 344
– Christine 47229 Rheingold- 3
– Claudia 47058 Am Kaiserberg 15
– Dagmar 47228 Winkelhauser- 152
– Dagmar 47226 Mozart- 1
– Detlef 47119 Bergius- 42
– Dieter 47259 Daustlieler- 11
– Dieter 47055 Düsseldorfer- 537
– Dieter 47137 Horst- 38
– Dirk 47198 Ostacker- 18
– Dirk 47057 Heinrich-Lersch- 36
– Dirk 47057 Klöckner- 142
– Dirk 47055 Pössener- 8
– Doris 47229 Schlehen- 20
– Dörthe 47051 Düsseldorfer- 118
– Eda 47057 Gneisenau- 277
– Elena 47051 Tibi- 24
– Elfriede 47051 Steinsche Gasse 27
– Elfriede 47269 Rotdorn- 45
– Elfriede 47058 Schweizer- 51
– Elfriede 47249 Straubinger- 38
– Elisabeth 47178 Goerdeler- 73
– Elisabeth 47179 Friedrich-Ebert- 256
– Elisabeth 47169 Gertruden- 21
– Elisabeth 47198 Goerdeler- 51a
– Elisabeth 47259 Goslarer- 41
– Elisabeth 47119 Harmonie- 4
– Elisabeth 47058 Meidericher- 25
– Elisabeth 47058 Spelker- 86
– Elisabeth 47198 Stock-u.-Hausmann- 2
– Elke 47239 An den Wieen 46
– Elke 47057 Gneisenau- 249
– Elsbeth 47279 Am Fliederbusch 10
– Elsbeth 47178 Römer- 409
– Elvira 47137 Metzer- 4
– Emilie 47138 Emmericher- 264
– Erich 47053 Frieden- 64
– Erich 47139 Friedrich-Ebert- 256
– Erika 47199 Hubertus- 17
– Erika 47119 Rottgersbach- 4
– Erika 47249 Sittardsberger Allee 102
– Erika 47249 Swakopmunder Pfad 18
– Erika 47058 Wilhelm- 63
– Erna 47057 Alte Schanze 62
– Erna 47167 Am Kreyenbergshof 119
– Erwin 47137 Von-der-Mark- 43
– Eva 47058 Duissern- 10
– Eva-Maria 47239 Schumann- 6
– Evelyn 47058 Wilhelm- 63
– Felicitas 47051 Schillerplatz 7
– Frank 47178 Bahnhof- 242
– Frank 47239 Schumann- 6
– Fred 47226 Franz-Schubert- 14
– Friedrich 47139 Ahr- 25
– Fritz 47249 Allgäuer- 13
– Fritz 47239 An den Wieen 20
– Fritz 47051 Schillerplatz 7
– Gabriele 47249 Bergius- 2
– Gabriele 47167 Kaiser-Friedrich- 255a
– Gabriele 47259 Schwalbenweg 7
– Gabriele 47198 Tulpen- 5
– Gaby 47228 Breslauer- 54
– Genoveva 47169 Kaiser- 9
– Georg 47269 Angermunder- 113
– Georg 47169 Erlanger- 61
– Georg 47259 Wanheimer- 143
– Gerd 47178 Goten- 23
– Gerhard 47199 Hubertus- 17
– Gertrud 47167 Kopernikus- 104
– Gertrud 47137 Auf dem Damm 45
– Gisela 47166 Beecker- 272
– Gisela 47178 Bonhoeffer- 5
– Gisela 47259 Daustlieler- 11
– Gisela 47137 Laaker- 12
– Gisela 47051 Steinsche Gasse 27
– Grete 47137 Bronkhorst- 148
– Grete 47179 Schul- 130
– Gudrun 47228 Grüner Weg 55
– Günter 47138 Albrecht- 9
– Günter 47058 Flieder- 153
– Günter 47055 Gneisenau- 272
– Günter 47051 Köhnen- 12
– Günter 47249 Duisserfelder Land- 344
– Günther 47051 Sonnenwall 51
– Günther-Egon 47055 Rheintörchen- 83
– Guido 47259 Kaiserswerther- 219a
– Gustav 47259 Angermunder- 53
– Hagen 47239 An den Wieen 44
– Hannelore 47259 Blankenburger- 34
– Hannelore 47249 Bergmann- 52
– Hannelore 47059 Essenberger- 167
– Hannelore 47137 Nalenz- 8
– Hannelore 47269 Zu den Birken 13
– Hans 47167 Harzburger- 64
– Hans 47239 Düsseldorfer- 148
– Hans 47138 Emmericher- 264
– Hans 47169 Grillo- 7
– Hans 47057 Kolonie- 144
– Hans 47167 Kopernikus- 104
– Hans 47119 Schill- 18
– Hans 47178 Wiesen- 34
– Hans-Dieter 47229 Straßburger- 22
– Hans-Joachim 47179 Heckenweg 3
– Hans-Jürgen 47269 Im Kornfeld 6
– Hans-Peter 47057 Mörike- 76
– Harald 47226 Duisburger- 16
– Hedwig 47167 Borussia- 68
A-DU	Gewerbebetriebe/Dienstleister nach Namen – siehe gelber Teil
